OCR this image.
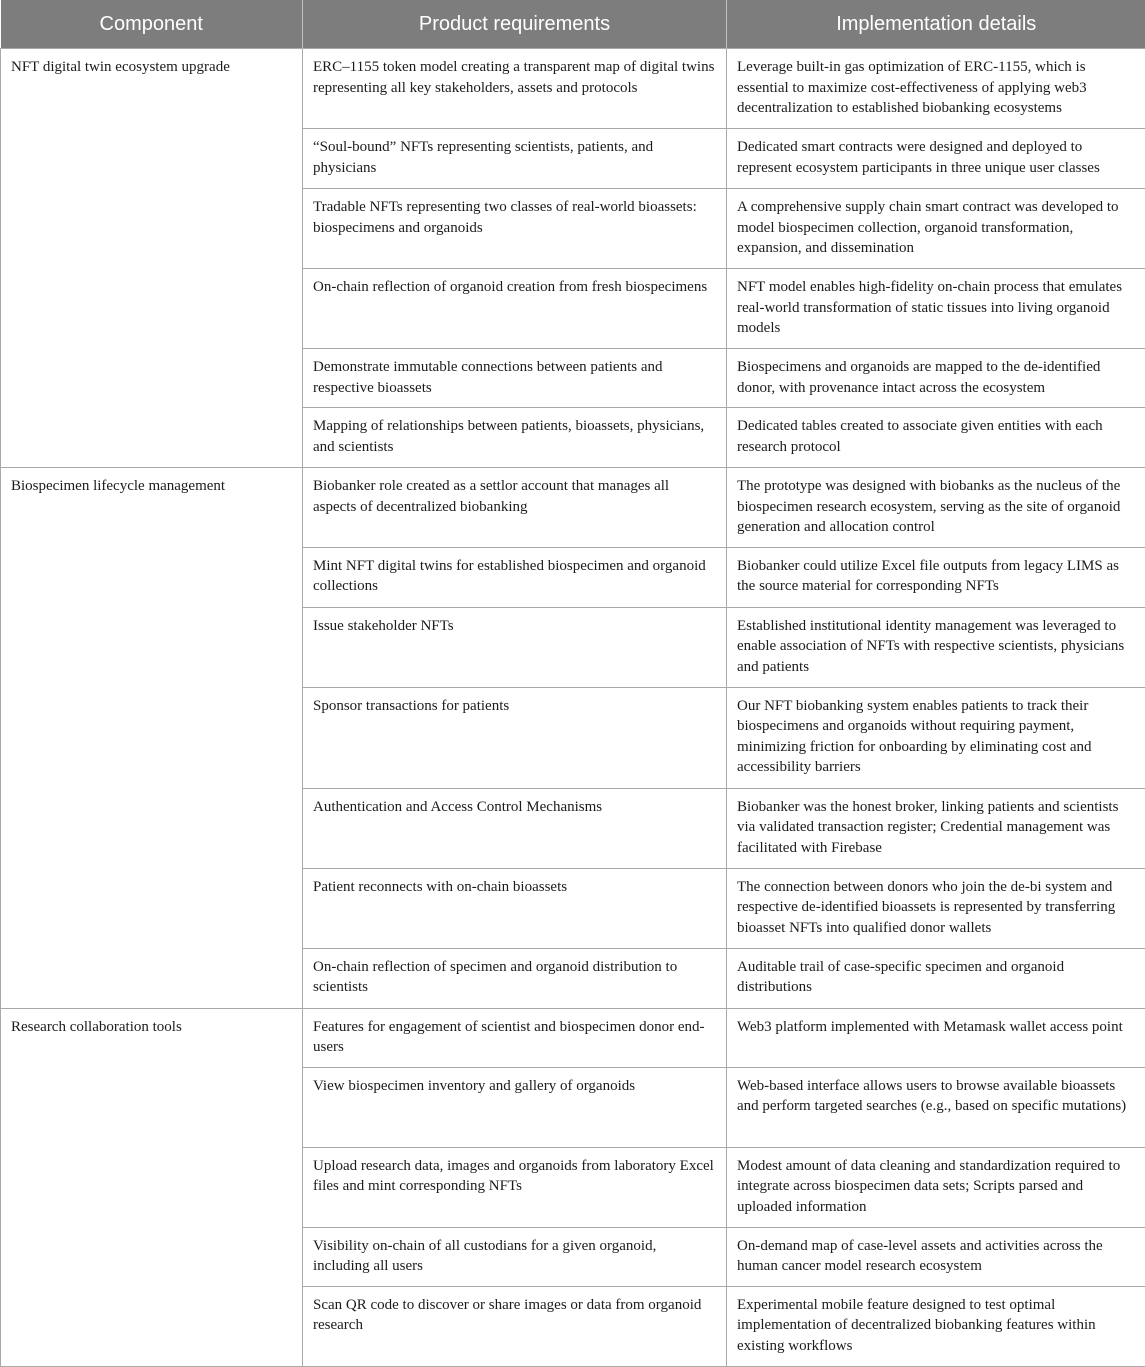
Component	Product requirements	Implementation details
NFT digital twin ecosystem upgrade	ERC–1155 token model creating a transparent map of digital twins representing all key stakeholders, assets and protocols	Leverage built-in gas optimization of ERC-1155, which is essential to maximize cost-effectiveness of applying web3 decentralization to established biobanking ecosystems
	“Soul-bound” NFTs representing scientists, patients, and physicians	Dedicated smart contracts were designed and deployed to represent ecosystem participants in three unique user classes
	Tradable NFTs representing two classes of real-world bioassets: biospecimens and organoids	A comprehensive supply chain smart contract was developed to model biospecimen collection, organoid transformation, expansion, and dissemination
	On-chain reflection of organoid creation from fresh biospecimens	NFT model enables high-fidelity on-chain process that emulates real-world transformation of static tissues into living organoid models
	Demonstrate immutable connections between patients and respective bioassets	Biospecimens and organoids are mapped to the de-identified donor, with provenance intact across the ecosystem
	Mapping of relationships between patients, bioassets, physicians, and scientists	Dedicated tables created to associate given entities with each research protocol
Biospecimen lifecycle management	Biobanker role created as a settlor account that manages all aspects of decentralized biobanking	The prototype was designed with biobanks as the nucleus of the biospecimen research ecosystem, serving as the site of organoid generation and allocation control
	Mint NFT digital twins for established biospecimen and organoid collections	Biobanker could utilize Excel file outputs from legacy LIMS as the source material for corresponding NFTs
	Issue stakeholder NFTs	Established institutional identity management was leveraged to enable association of NFTs with respective scientists, physicians and patients
	Sponsor transactions for patients	Our NFT biobanking system enables patients to track their biospecimens and organoids without requiring payment, minimizing friction for onboarding by eliminating cost and accessibility barriers
	Authentication and Access Control Mechanisms	Biobanker was the honest broker, linking patients and scientists via validated transaction register; Credential management was facilitated with Firebase
	Patient reconnects with on-chain bioassets	The connection between donors who join the de-bi system and respective de-identified bioassets is represented by transferring bioasset NFTs into qualified donor wallets
	On-chain reflection of specimen and organoid distribution to scientists	Auditable trail of case-specific specimen and organoid distributions
Research collaboration tools	Features for engagement of scientist and biospecimen donor end-users	Web3 platform implemented with Metamask wallet access point
	View biospecimen inventory and gallery of organoids	Web-based interface allows users to browse available bioassets and perform targeted searches (e.g., based on specific mutations)
	Upload research data, images and organoids from laboratory Excel files and mint corresponding NFTs	Modest amount of data cleaning and standardization required to integrate across biospecimen data sets; Scripts parsed and uploaded information
	Visibility on-chain of all custodians for a given organoid, including all users	On-demand map of case-level assets and activities across the human cancer model research ecosystem
	Scan QR code to discover or share images or data from organoid research	Experimental mobile feature designed to test optimal implementation of decentralized biobanking features within existing workflows
